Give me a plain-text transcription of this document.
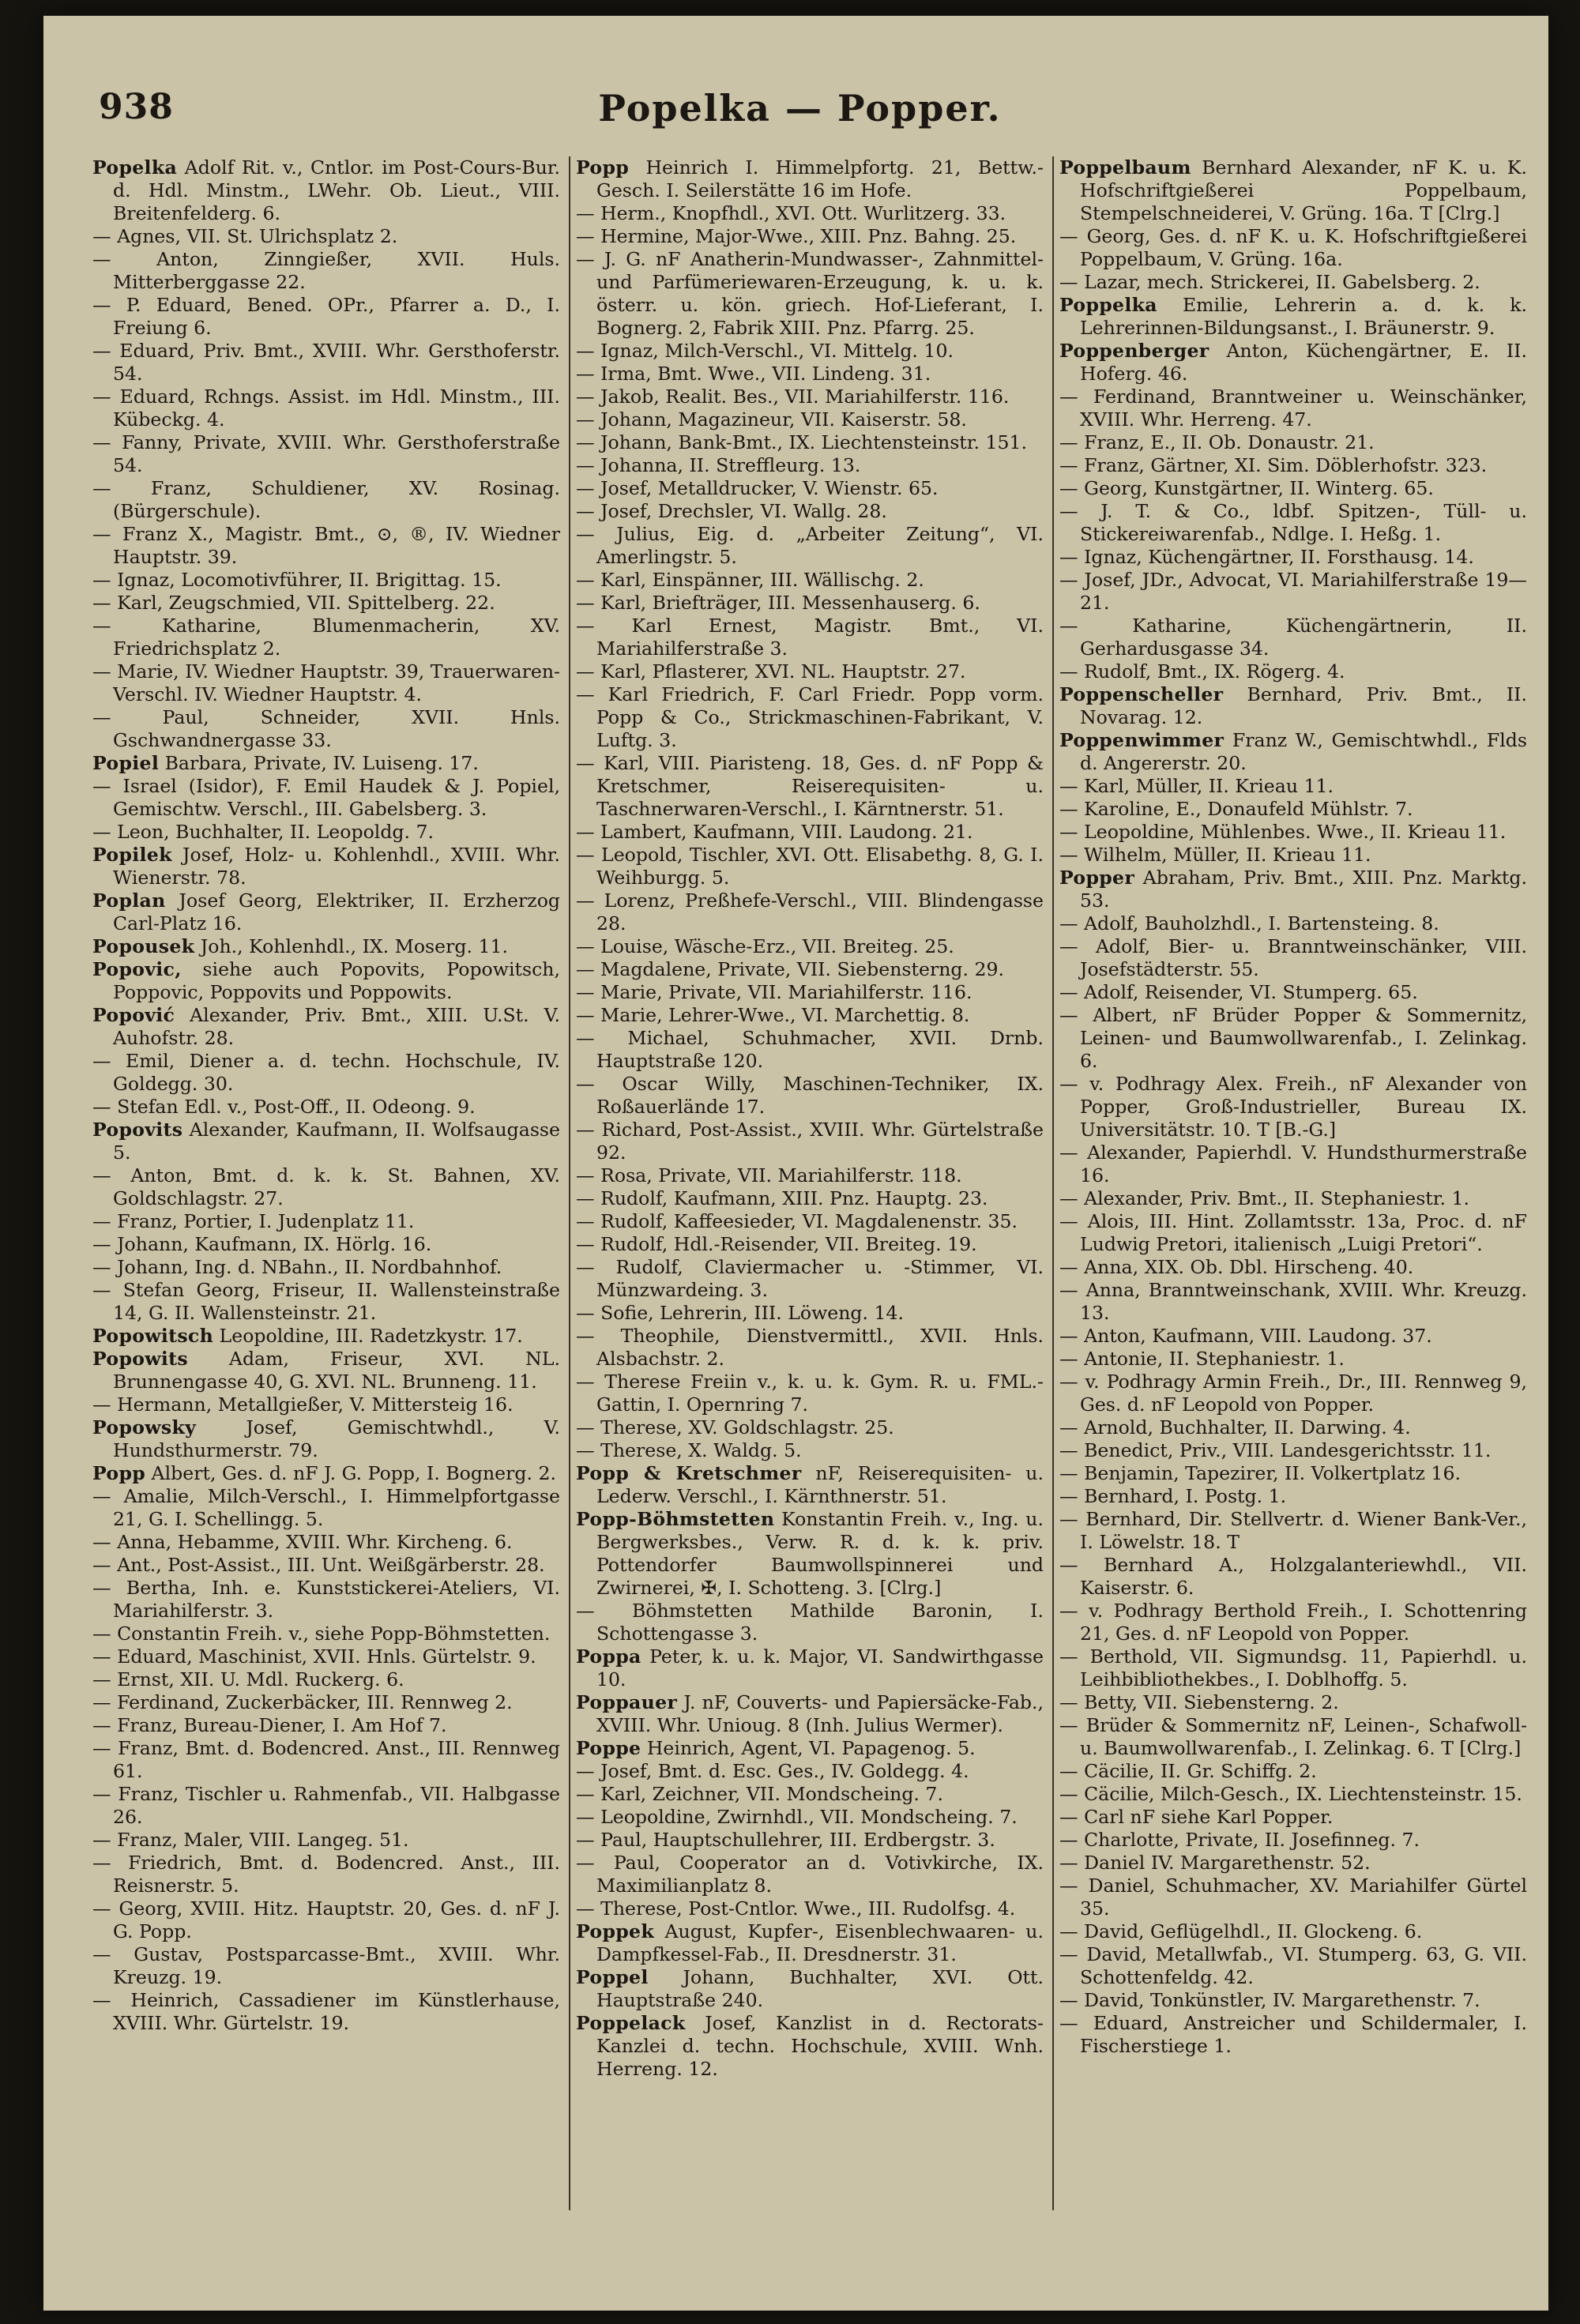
938	Popelka — Popper.

Popelka Adolf Rit. v., Cntlor. im Post-Cours-Bur. d. Hdl. Minstm., LWehr. Ob. Lieut., VIII. Breitenfelderg. 6.

— Agnes, VII. St. Ulrichsplatz 2.

— Anton, Zinngießer, XVII. Huls. Mitterberggasse 22.

— P. Eduard, Bened. OPr., Pfarrer a. D., I. Freiung 6.

— Eduard, Priv. Bmt., XVIII. Whr. Gersthoferstr. 54.

— Eduard, Rchngs. Assist. im Hdl. Minstm., III. Kübeckg. 4.

— Fanny, Private, XVIII. Whr. Gersthoferstraße 54.

— Franz, Schuldiener, XV. Rosinag. (Bürgerschule).

— Franz X., Magistr. Bmt., ⊙, ®, IV. Wiedner Hauptstr. 39.

— Ignaz, Locomotivführer, II. Brigittag. 15.

— Karl, Zeugschmied, VII. Spittelberg. 22.

— Katharine, Blumenmacherin, XV. Friedrichsplatz 2.

— Marie, IV. Wiedner Hauptstr. 39, Trauerwaren-Verschl. IV. Wiedner Hauptstr. 4.

— Paul, Schneider, XVII. Hnls. Gschwandnergasse 33.

Popiel Barbara, Private, IV. Luiseng. 17.

— Israel (Isidor), F. Emil Haudek & J. Popiel, Gemischtw. Verschl., III. Gabelsberg. 3.

— Leon, Buchhalter, II. Leopoldg. 7.

Popilek Josef, Holz- u. Kohlenhdl., XVIII. Whr. Wienerstr. 78.

Poplan Josef Georg, Elektriker, II. Erzherzog Carl-Platz 16.

Popousek Joh., Kohlenhdl., IX. Moserg. 11.

Popovic, siehe auch Popovits, Popowitsch, Poppovic, Poppovits und Poppowits.

Popović Alexander, Priv. Bmt., XIII. U.St. V. Auhofstr. 28.

— Emil, Diener a. d. techn. Hochschule, IV. Goldegg. 30.

— Stefan Edl. v., Post-Off., II. Odeong. 9.

Popovits Alexander, Kaufmann, II. Wolfsaugasse 5.

— Anton, Bmt. d. k. k. St. Bahnen, XV. Goldschlagstr. 27.

— Franz, Portier, I. Judenplatz 11.

— Johann, Kaufmann, IX. Hörlg. 16.

— Johann, Ing. d. NBahn., II. Nordbahnhof.

— Stefan Georg, Friseur, II. Wallensteinstraße 14, G. II. Wallensteinstr. 21.

Popowitsch Leopoldine, III. Radetzkystr. 17.

Popowits Adam, Friseur, XVI. NL. Brunnengasse 40, G. XVI. NL. Brunneng. 11.

— Hermann, Metallgießer, V. Mittersteig 16.

Popowsky Josef, Gemischtwhdl., V. Hundsthurmerstr. 79.

Popp Albert, Ges. d. nF J. G. Popp, I. Bognerg. 2.

— Amalie, Milch-Verschl., I. Himmelpfortgasse 21, G. I. Schellingg. 5.

— Anna, Hebamme, XVIII. Whr. Kircheng. 6.

— Ant., Post-Assist., III. Unt. Weißgärberstr. 28.

— Bertha, Inh. e. Kunststickerei-Ateliers, VI. Mariahilferstr. 3.

— Constantin Freih. v., siehe Popp-Böhmstetten.

— Eduard, Maschinist, XVII. Hnls. Gürtelstr. 9.

— Ernst, XII. U. Mdl. Ruckerg. 6.

— Ferdinand, Zuckerbäcker, III. Rennweg 2.

— Franz, Bureau-Diener, I. Am Hof 7.

— Franz, Bmt. d. Bodencred. Anst., III. Rennweg 61.

— Franz, Tischler u. Rahmenfab., VII. Halbgasse 26.

— Franz, Maler, VIII. Langeg. 51.

— Friedrich, Bmt. d. Bodencred. Anst., III. Reisnerstr. 5.

— Georg, XVIII. Hitz. Hauptstr. 20, Ges. d. nF J. G. Popp.

— Gustav, Postsparcasse-Bmt., XVIII. Whr. Kreuzg. 19.

— Heinrich, Cassadiener im Künstlerhause, XVIII. Whr. Gürtelstr. 19.

Popp Heinrich I. Himmelpfortg. 21, Bettw.-Gesch. I. Seilerstätte 16 im Hofe.

— Herm., Knopfhdl., XVI. Ott. Wurlitzerg. 33.

— Hermine, Major-Wwe., XIII. Pnz. Bahng. 25.

— J. G. nF Anatherin-Mundwasser-, Zahnmittel- und Parfümeriewaren-Erzeugung, k. u. k. österr. u. kön. griech. Hof-Lieferant, I. Bognerg. 2, Fabrik XIII. Pnz. Pfarrg. 25.

— Ignaz, Milch-Verschl., VI. Mittelg. 10.

— Irma, Bmt. Wwe., VII. Lindeng. 31.

— Jakob, Realit. Bes., VII. Mariahilferstr. 116.

— Johann, Magazineur, VII. Kaiserstr. 58.

— Johann, Bank-Bmt., IX. Liechtensteinstr. 151.

— Johanna, II. Streffleurg. 13.

— Josef, Metalldrucker, V. Wienstr. 65.

— Josef, Drechsler, VI. Wallg. 28.

— Julius, Eig. d. „Arbeiter Zeitung“, VI. Amerlingstr. 5.

— Karl, Einspänner, III. Wällischg. 2.

— Karl, Briefträger, III. Messenhauserg. 6.

— Karl Ernest, Magistr. Bmt., VI. Mariahilferstraße 3.

— Karl, Pflasterer, XVI. NL. Hauptstr. 27.

— Karl Friedrich, F. Carl Friedr. Popp vorm. Popp & Co., Strickmaschinen-Fabrikant, V. Luftg. 3.

— Karl, VIII. Piaristeng. 18, Ges. d. nF Popp & Kretschmer, Reiserequisiten- u. Taschnerwaren-Verschl., I. Kärntnerstr. 51.

— Lambert, Kaufmann, VIII. Laudong. 21.

— Leopold, Tischler, XVI. Ott. Elisabethg. 8, G. I. Weihburgg. 5.

— Lorenz, Preßhefe-Verschl., VIII. Blindengasse 28.

— Louise, Wäsche-Erz., VII. Breiteg. 25.

— Magdalene, Private, VII. Siebensterng. 29.

— Marie, Private, VII. Mariahilferstr. 116.

— Marie, Lehrer-Wwe., VI. Marchettig. 8.

— Michael, Schuhmacher, XVII. Drnb. Hauptstraße 120.

— Oscar Willy, Maschinen-Techniker, IX. Roßauerlände 17.

— Richard, Post-Assist., XVIII. Whr. Gürtelstraße 92.

— Rosa, Private, VII. Mariahilferstr. 118.

— Rudolf, Kaufmann, XIII. Pnz. Hauptg. 23.

— Rudolf, Kaffeesieder, VI. Magdalenenstr. 35.

— Rudolf, Hdl.-Reisender, VII. Breiteg. 19.

— Rudolf, Claviermacher u. -Stimmer, VI. Münzwardeing. 3.

— Sofie, Lehrerin, III. Löweng. 14.

— Theophile, Dienstvermittl., XVII. Hnls. Alsbachstr. 2.

— Therese Freiin v., k. u. k. Gym. R. u. FML.-Gattin, I. Opernring 7.

— Therese, XV. Goldschlagstr. 25.

— Therese, X. Waldg. 5.

Popp & Kretschmer nF, Reiserequisiten- u. Lederw. Verschl., I. Kärnthnerstr. 51.

Popp-Böhmstetten Konstantin Freih. v., Ing. u. Bergwerksbes., Verw. R. d. k. k. priv. Pottendorfer Baumwollspinnerei und Zwirnerei, ✠, I. Schotteng. 3. [Clrg.]

— Böhmstetten Mathilde Baronin, I. Schottengasse 3.

Poppa Peter, k. u. k. Major, VI. Sandwirthgasse 10.

Poppauer J. nF, Couverts- und Papiersäcke-Fab., XVIII. Whr. Unioug. 8 (Inh. Julius Wermer).

Poppe Heinrich, Agent, VI. Papagenog. 5.

— Josef, Bmt. d. Esc. Ges., IV. Goldegg. 4.

— Karl, Zeichner, VII. Mondscheing. 7.

— Leopoldine, Zwirnhdl., VII. Mondscheing. 7.

— Paul, Hauptschullehrer, III. Erdbergstr. 3.

— Paul, Cooperator an d. Votivkirche, IX. Maximilianplatz 8.

— Therese, Post-Cntlor. Wwe., III. Rudolfsg. 4.

Poppek August, Kupfer-, Eisenblechwaaren- u. Dampfkessel-Fab., II. Dresdnerstr. 31.

Poppel Johann, Buchhalter, XVI. Ott. Hauptstraße 240.

Poppelack Josef, Kanzlist in d. Rectorats-Kanzlei d. techn. Hochschule, XVIII. Wnh. Herreng. 12.

Poppelbaum Bernhard Alexander, nF K. u. K. Hofschriftgießerei Poppelbaum, Stempelschneiderei, V. Grüng. 16a. T [Clrg.]

— Georg, Ges. d. nF K. u. K. Hofschriftgießerei Poppelbaum, V. Grüng. 16a.

— Lazar, mech. Strickerei, II. Gabelsberg. 2.

Poppelka Emilie, Lehrerin a. d. k. k. Lehrerinnen-Bildungsanst., I. Bräunerstr. 9.

Poppenberger Anton, Küchengärtner, E. II. Hoferg. 46.

— Ferdinand, Branntweiner u. Weinschänker, XVIII. Whr. Herreng. 47.

— Franz, E., II. Ob. Donaustr. 21.

— Franz, Gärtner, XI. Sim. Döblerhofstr. 323.

— Georg, Kunstgärtner, II. Winterg. 65.

— J. T. & Co., ldbf. Spitzen-, Tüll- u. Stickereiwarenfab., Ndlge. I. Heßg. 1.

— Ignaz, Küchengärtner, II. Forsthausg. 14.

— Josef, JDr., Advocat, VI. Mariahilferstraße 19—21.

— Katharine, Küchengärtnerin, II. Gerhardusgasse 34.

— Rudolf, Bmt., IX. Rögerg. 4.

Poppenscheller Bernhard, Priv. Bmt., II. Novarag. 12.

Poppenwimmer Franz W., Gemischtwhdl., Flds d. Angererstr. 20.

— Karl, Müller, II. Krieau 11.

— Karoline, E., Donaufeld Mühlstr. 7.

— Leopoldine, Mühlenbes. Wwe., II. Krieau 11.

— Wilhelm, Müller, II. Krieau 11.

Popper Abraham, Priv. Bmt., XIII. Pnz. Marktg. 53.

— Adolf, Bauholzhdl., I. Bartensteing. 8.

— Adolf, Bier- u. Branntweinschänker, VIII. Josefstädterstr. 55.

— Adolf, Reisender, VI. Stumperg. 65.

— Albert, nF Brüder Popper & Sommernitz, Leinen- und Baumwollwarenfab., I. Zelinkag. 6.

— v. Podhragy Alex. Freih., nF Alexander von Popper, Groß-Industrieller, Bureau IX. Universitätstr. 10. T [B.-G.]

— Alexander, Papierhdl. V. Hundsthurmerstraße 16.

— Alexander, Priv. Bmt., II. Stephaniestr. 1.

— Alois, III. Hint. Zollamtsstr. 13a, Proc. d. nF Ludwig Pretori, italienisch „Luigi Pretori“.

— Anna, XIX. Ob. Dbl. Hirscheng. 40.

— Anna, Branntweinschank, XVIII. Whr. Kreuzg. 13.

— Anton, Kaufmann, VIII. Laudong. 37.

— Antonie, II. Stephaniestr. 1.

— v. Podhragy Armin Freih., Dr., III. Rennweg 9, Ges. d. nF Leopold von Popper.

— Arnold, Buchhalter, II. Darwing. 4.

— Benedict, Priv., VIII. Landesgerichtsstr. 11.

— Benjamin, Tapezirer, II. Volkertplatz 16.

— Bernhard, I. Postg. 1.

— Bernhard, Dir. Stellvertr. d. Wiener Bank-Ver., I. Löwelstr. 18. T

— Bernhard A., Holzgalanteriewhdl., VII. Kaiserstr. 6.

— v. Podhragy Berthold Freih., I. Schottenring 21, Ges. d. nF Leopold von Popper.

— Berthold, VII. Sigmundsg. 11, Papierhdl. u. Leihbibliothekbes., I. Doblhoffg. 5.

— Betty, VII. Siebensterng. 2.

— Brüder & Sommernitz nF, Leinen-, Schafwoll- u. Baumwollwarenfab., I. Zelinkag. 6. T [Clrg.]

— Cäcilie, II. Gr. Schiffg. 2.

— Cäcilie, Milch-Gesch., IX. Liechtensteinstr. 15.

— Carl nF siehe Karl Popper.

— Charlotte, Private, II. Josefinneg. 7.

— Daniel IV. Margarethenstr. 52.

— Daniel, Schuhmacher, XV. Mariahilfer Gürtel 35.

— David, Geflügelhdl., II. Glockeng. 6.

— David, Metallwfab., VI. Stumperg. 63, G. VII. Schottenfeldg. 42.

— David, Tonkünstler, IV. Margarethenstr. 7.

— Eduard, Anstreicher und Schildermaler, I. Fischerstiege 1.
